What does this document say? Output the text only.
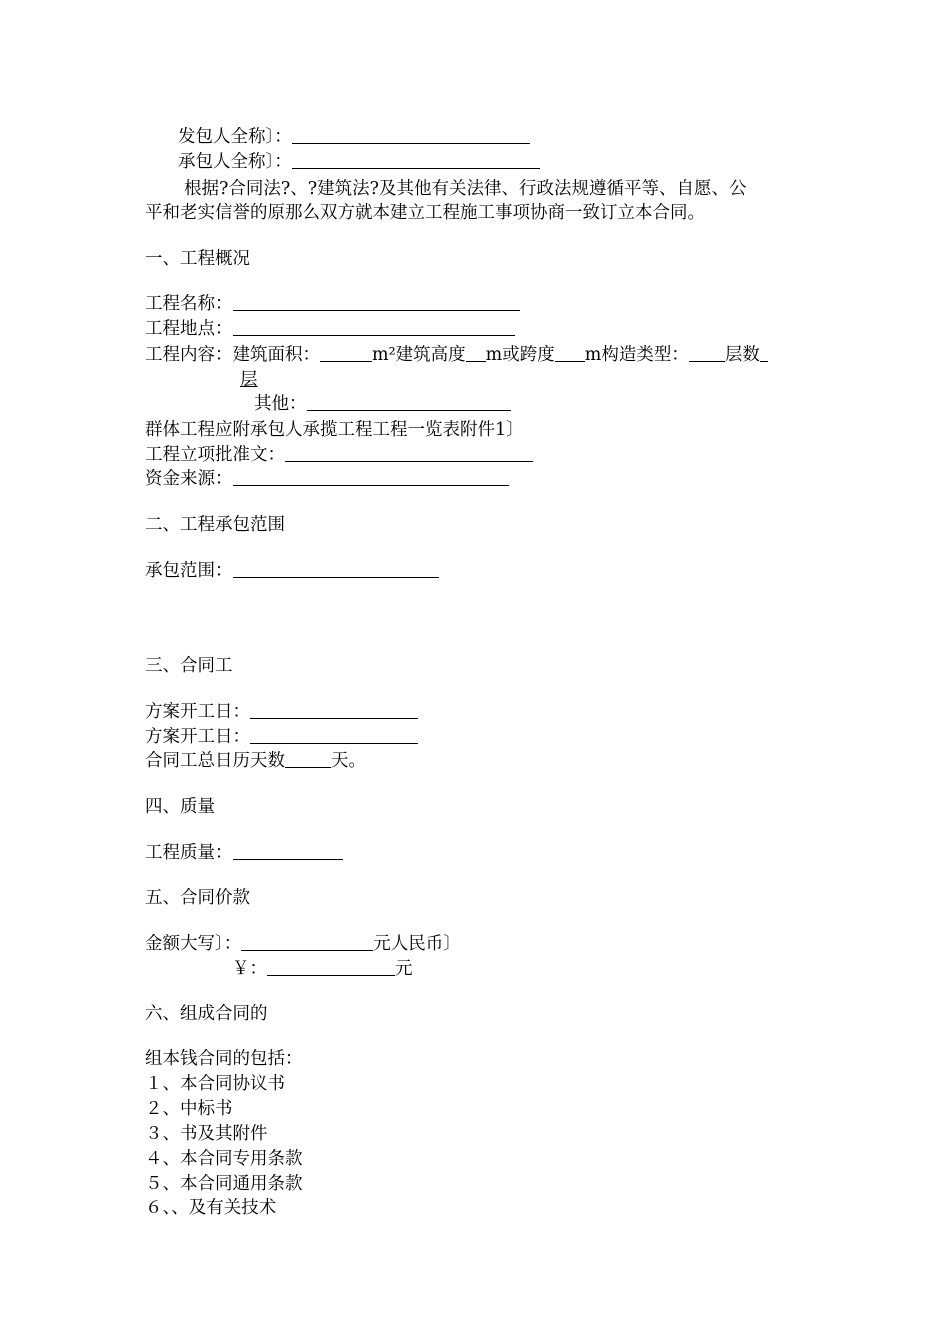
发包人全称〕：
承包人全称〕：
根据?合同法?、?建筑法?及其他有关法律、行政法规遵循平等、自愿、公
平和老实信誉的原那么双方就本建立工程施工事项协商一致订立本合同。
一、工程概况
工程名称：
工程地点：
工程内容：建筑面积：	m²建筑高度 m或跨度 m构造类型： 层数
层
其他：
群体工程应附承包人承揽工程工程一览表附件1〕
工程立项批准文：
资金来源：
二、工程承包范围
承包范围：
三、合同工
方案开工日：
方案开工日：
合同工总日历天数	天。
四、质量
工程质量：
五、合同价款
金额大写〕：	元人民币〕
￥：	元
六、组成合同的
组本钱合同的包括：
１、本合同协议书
２、中标书
３、书及其附件
４、本合同专用条款
５、本合同通用条款
６、、及有关技术
